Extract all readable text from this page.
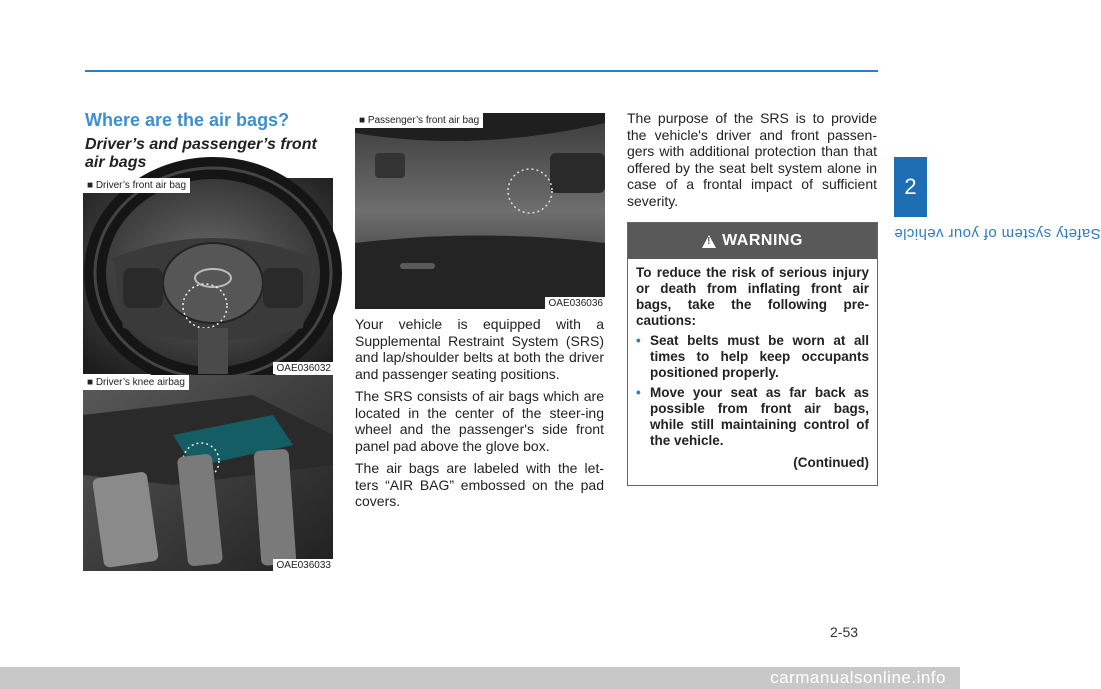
2
Safety system of your vehicle
Where are the air bags?
Driver’s and passenger’s front air bags
■ Driver’s front air bag
OAE036032
■ Driver’s knee airbag
OAE036033
■ Passenger’s front air bag
OAE036036

Your vehicle is equipped with a Supplemental Restraint System (SRS) and lap/shoulder belts at both the driver and passenger seating positions.

The SRS consists of air bags which are located in the center of the steer-ing wheel and the passenger's side front panel pad above the glove box.

The air bags are labeled with the let-ters “AIR BAG” embossed on the pad covers.

The purpose of the SRS is to provide the vehicle's driver and front passen-gers with additional protection than that offered by the seat belt system alone in case of a frontal impact of sufficient severity.

!
WARNING

To reduce the risk of serious injury or death from inflating front air bags, take the following pre-cautions:

• Seat belts must be worn at all times to help keep occupants positioned properly.
• Move your seat as far back as possible from front air bags, while still maintaining control of the vehicle.
(Continued)
2-53
carmanualsonline.info
